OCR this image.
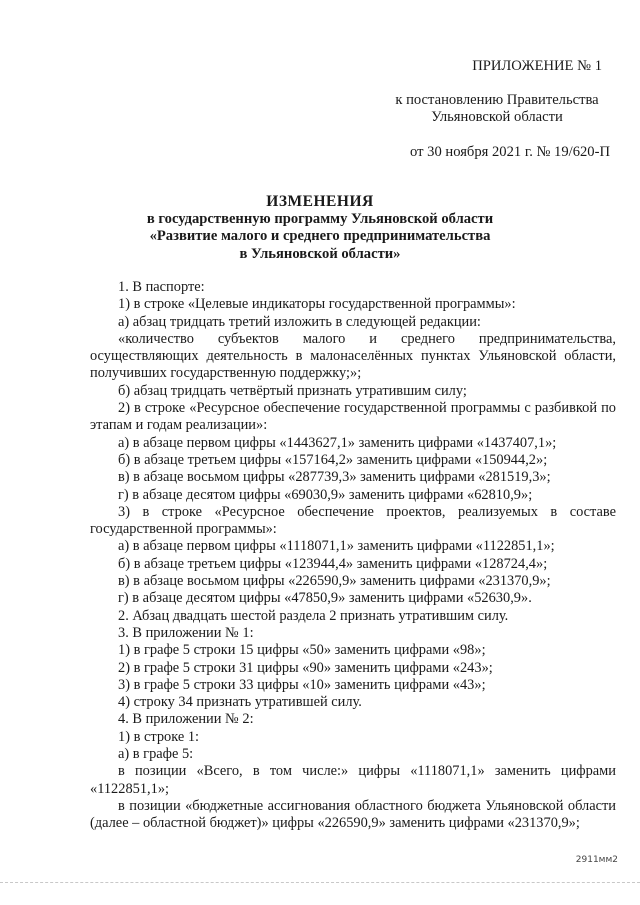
ПРИЛОЖЕНИЕ № 1
к постановлению Правительства
Ульяновской области
от 30 ноября 2021 г. № 19/620-П
ИЗМЕНЕНИЯ
в государственную программу Ульяновской области
«Развитие малого и среднего предпринимательства
в Ульяновской области»

1. В паспорте:

1) в строке «Целевые индикаторы государственной программы»:

а) абзац тридцать третий изложить в следующей редакции:

«количество субъектов малого и среднего предпринимательства, осуществляющих деятельность в малонаселённых пунктах Ульяновской области, получивших государственную поддержку;»;

б) абзац тридцать четвёртый признать утратившим силу;

2) в строке «Ресурсное обеспечение государственной программы с разбивкой по этапам и годам реализации»:

а) в абзаце первом цифры «1443627,1» заменить цифрами «1437407,1»;

б) в абзаце третьем цифры «157164,2» заменить цифрами «150944,2»;

в) в абзаце восьмом цифры «287739,3» заменить цифрами «281519,3»;

г) в абзаце десятом цифры «69030,9» заменить цифрами «62810,9»;

3) в строке «Ресурсное обеспечение проектов, реализуемых в составе государственной программы»:

а) в абзаце первом цифры «1118071,1» заменить цифрами «1122851,1»;

б) в абзаце третьем цифры «123944,4» заменить цифрами «128724,4»;

в) в абзаце восьмом цифры «226590,9» заменить цифрами «231370,9»;

г) в абзаце десятом цифры «47850,9» заменить цифрами «52630,9».

2. Абзац двадцать шестой раздела 2 признать утратившим силу.

3. В приложении № 1:

1) в графе 5 строки 15 цифры «50» заменить цифрами «98»;

2) в графе 5 строки 31 цифры «90» заменить цифрами «243»;

3) в графе 5 строки 33 цифры «10» заменить цифрами «43»;

4) строку 34 признать утратившей силу.

4. В приложении № 2:

1) в строке 1:

а) в графе 5:

в позиции «Всего, в том числе:» цифры «1118071,1» заменить цифрами «1122851,1»;

в позиции «бюджетные ассигнования областного бюджета Ульяновской области (далее – областной бюджет)» цифры «226590,9» заменить цифрами «231370,9»;

2911мм2
